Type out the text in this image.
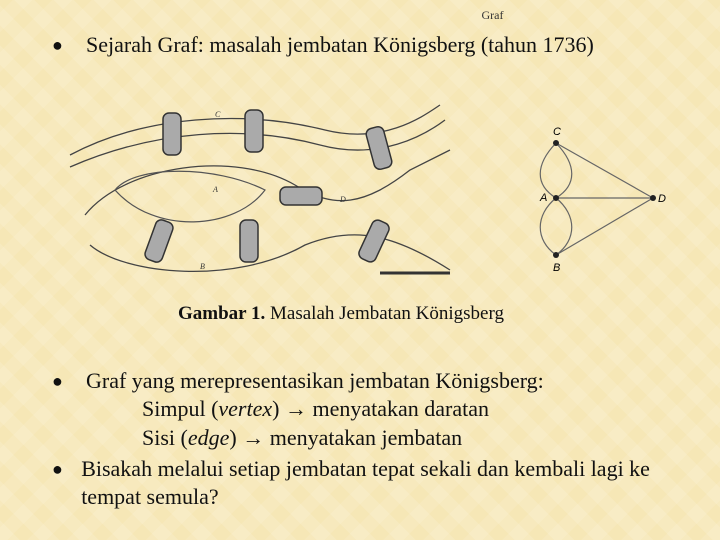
Graf
●	Sejarah Graf: masalah jembatan Königsberg (tahun 1736)
C
A
D
B
C
A
B
D
Gambar 1. Masalah Jembatan Königsberg
●	Graf yang merepresentasikan jembatan Königsberg:
Simpul (vertex) → menyatakan daratan
Sisi (edge) → menyatakan jembatan
● Bisakah melalui setiap jembatan tepat sekali dan kembali lagi ke tempat semula?
